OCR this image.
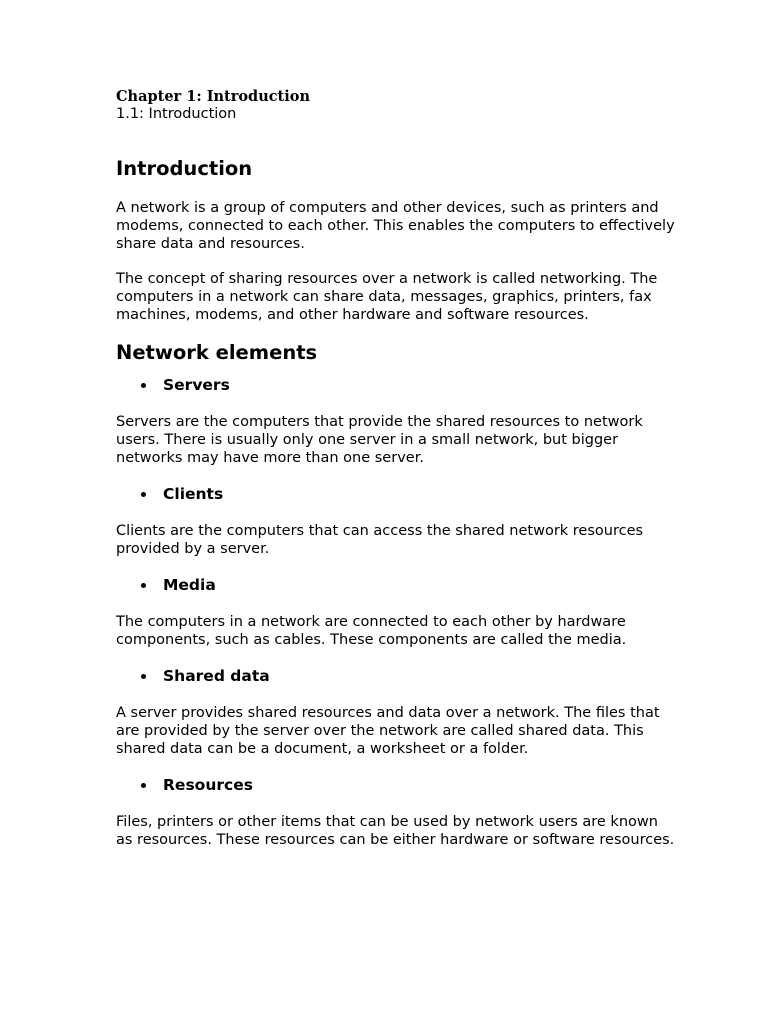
Chapter 1: Introduction
1.1: Introduction
Introduction

A network is a group of computers and other devices, such as printers and modems, connected to each other. This enables the computers to effectively share data and resources.

The concept of sharing resources over a network is called networking. The computers in a network can share data, messages, graphics, printers, fax machines, modems, and other hardware and software resources.

Network elements
Servers

Servers are the computers that provide the shared resources to network users. There is usually only one server in a small network, but bigger networks may have more than one server.

Clients

Clients are the computers that can access the shared network resources provided by a server.

Media

The computers in a network are connected to each other by hardware components, such as cables. These components are called the media.

Shared data

A server provides shared resources and data over a network. The files that are provided by the server over the network are called shared data. This shared data can be a document, a worksheet or a folder.

Resources

Files, printers or other items that can be used by network users are known as resources. These resources can be either hardware or software resources.
